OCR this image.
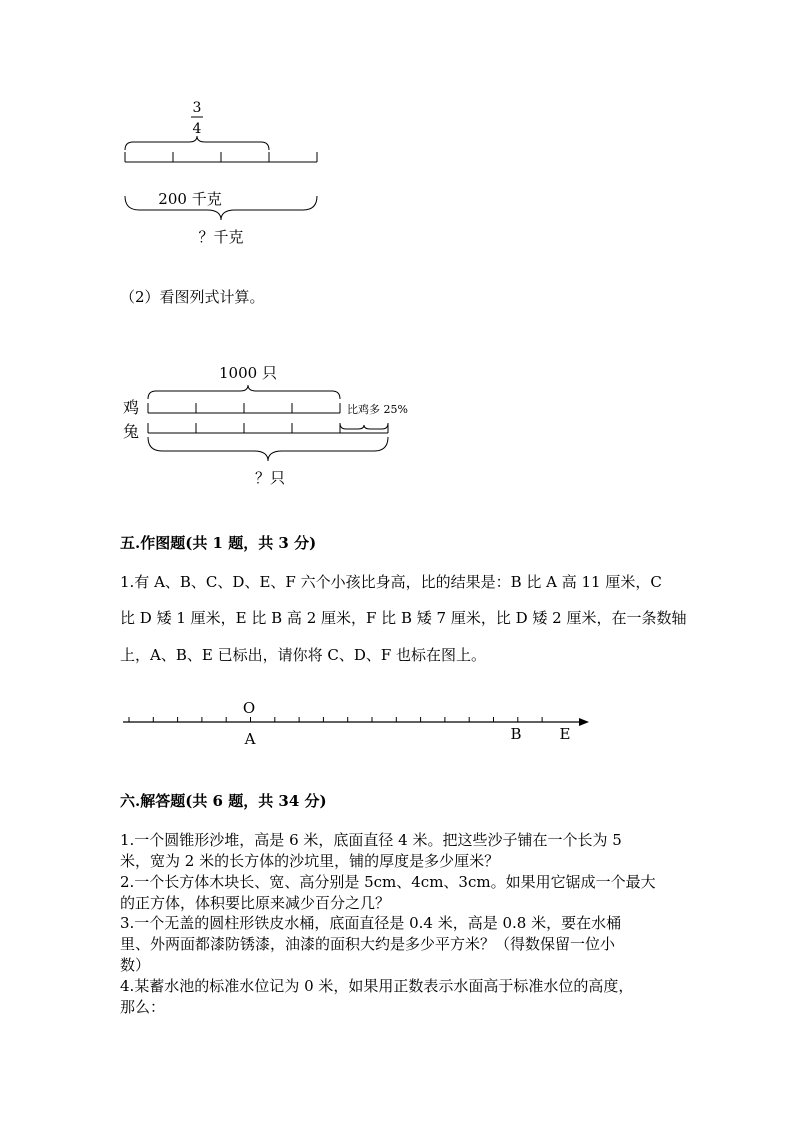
3
4
200 千克
？千克
（2）看图列式计算。
1000 只
鸡	比鸡多 25%
兔
？只
五.作图题(共 1 题，共 3 分)
1.有 A、B、C、D、E、F 六个小孩比身高，比的结果是：B 比 A 高 11 厘米，C
比 D 矮 1 厘米，E 比 B 高 2 厘米，F 比 B 矮 7 厘米，比 D 矮 2 厘米，在一条数轴
上，A、B、E 已标出，请你将 C、D、F 也标在图上。
O
A	B	E
六.解答题(共 6 题，共 34 分)
1.一个圆锥形沙堆，高是 6 米，底面直径 4 米。把这些沙子铺在一个长为 5
米，宽为 2 米的长方体的沙坑里，铺的厚度是多少厘米？
2.一个长方体木块长、宽、高分别是 5cm、4cm、3cm。如果用它锯成一个最大
的正方体，体积要比原来减少百分之几？
3.一个无盖的圆柱形铁皮水桶，底面直径是 0.4 米，高是 0.8 米，要在水桶
里、外两面都漆防锈漆，油漆的面积大约是多少平方米？（得数保留一位小
数）
4.某蓄水池的标准水位记为 0 米，如果用正数表示水面高于标准水位的高度，
那么：
